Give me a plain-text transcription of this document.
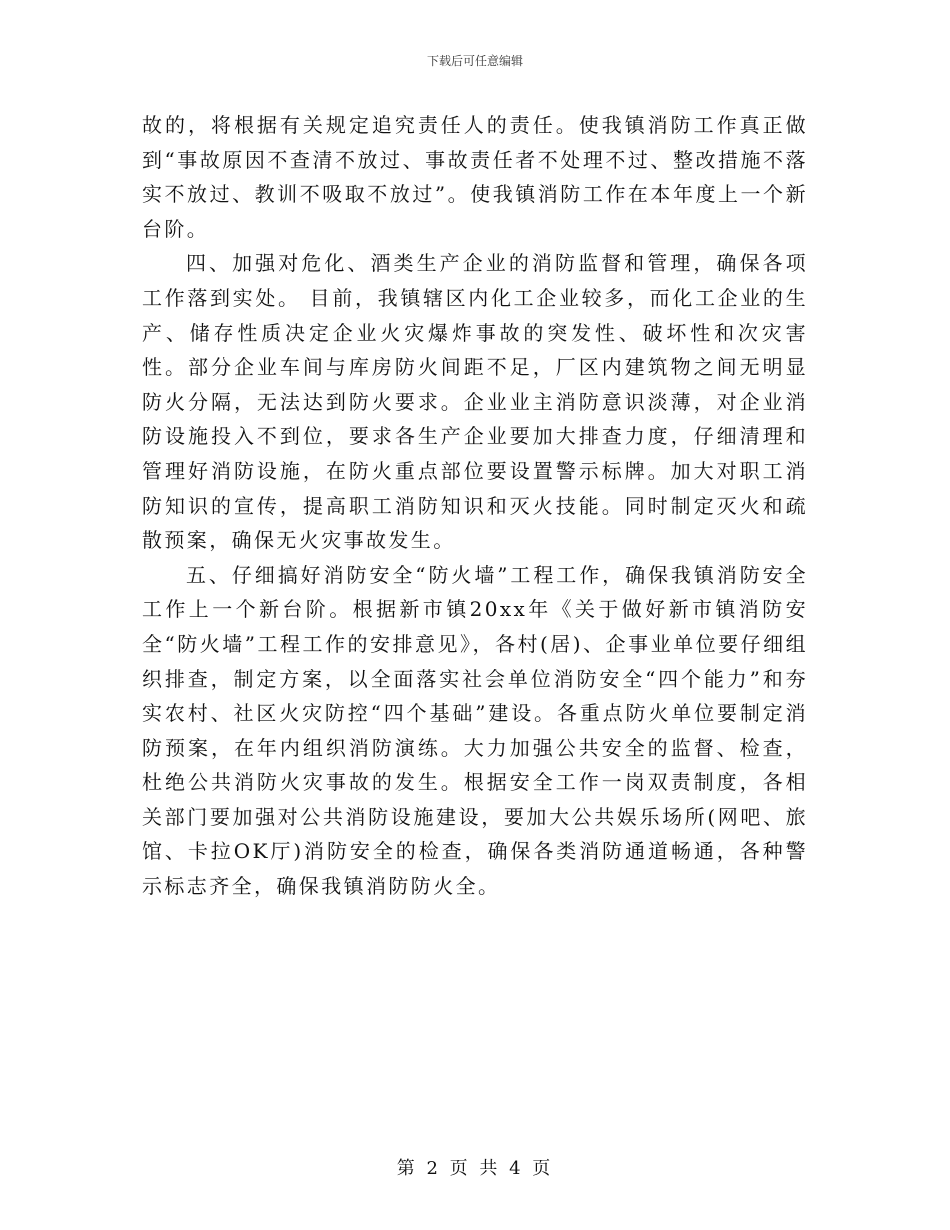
下载后可任意编辑

故的，将根据有关规定追究责任人的责任。使我镇消防工作真正做到“事故原因不查清不放过、事故责任者不处理不过、整改措施不落实不放过、教训不吸取不放过”。使我镇消防工作在本年度上一个新台阶。

四、加强对危化、酒类生产企业的消防监督和管理，确保各项工作落到实处。 目前，我镇辖区内化工企业较多，而化工企业的生产、储存性质决定企业火灾爆炸事故的突发性、破坏性和次灾害性。部分企业车间与库房防火间距不足，厂区内建筑物之间无明显防火分隔，无法达到防火要求。企业业主消防意识淡薄，对企业消防设施投入不到位，要求各生产企业要加大排查力度，仔细清理和管理好消防设施，在防火重点部位要设置警示标牌。加大对职工消防知识的宣传，提高职工消防知识和灭火技能。同时制定灭火和疏散预案，确保无火灾事故发生。

五、仔细搞好消防安全“防火墙”工程工作，确保我镇消防安全工作上一个新台阶。根据新市镇20xx年《关于做好新市镇消防安全“防火墙”工程工作的安排意见》，各村(居)、企事业单位要仔细组织排查，制定方案，以全面落实社会单位消防安全“四个能力”和夯实农村、社区火灾防控“四个基础”建设。各重点防火单位要制定消防预案，在年内组织消防演练。大力加强公共安全的监督、检查，杜绝公共消防火灾事故的发生。根据安全工作一岗双责制度，各相关部门要加强对公共消防设施建设，要加大公共娱乐场所(网吧、旅馆、卡拉OK厅)消防安全的检查，确保各类消防通道畅通，各种警示标志齐全，确保我镇消防防火全。

第 2 页 共 4 页
